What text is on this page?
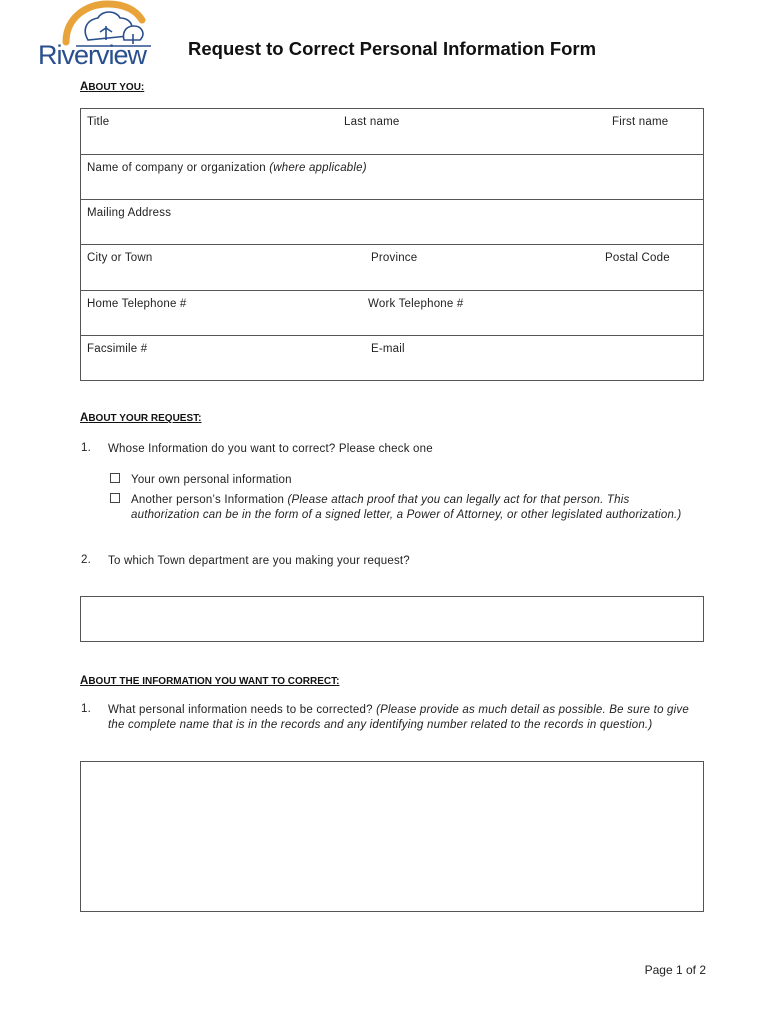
Riverview Request to Correct Personal Information Form
ABOUT YOU:
Title	Last name	First name
Name of company or organization (where applicable)
Mailing Address
City or Town	Province	Postal Code
Home Telephone #	Work Telephone #
Facsimile #	E-mail
ABOUT YOUR REQUEST:
1. Whose Information do you want to correct? Please check one
Your own personal information
Another person’s Information (Please attach proof that you can legally act for that person. This authorization can be in the form of a signed letter, a Power of Attorney, or other legislated authorization.)
2. To which Town department are you making your request?
ABOUT THE INFORMATION YOU WANT TO CORRECT:
1. What personal information needs to be corrected? (Please provide as much detail as possible. Be sure to give the complete name that is in the records and any identifying number related to the records in question.)
Page 1 of 2
